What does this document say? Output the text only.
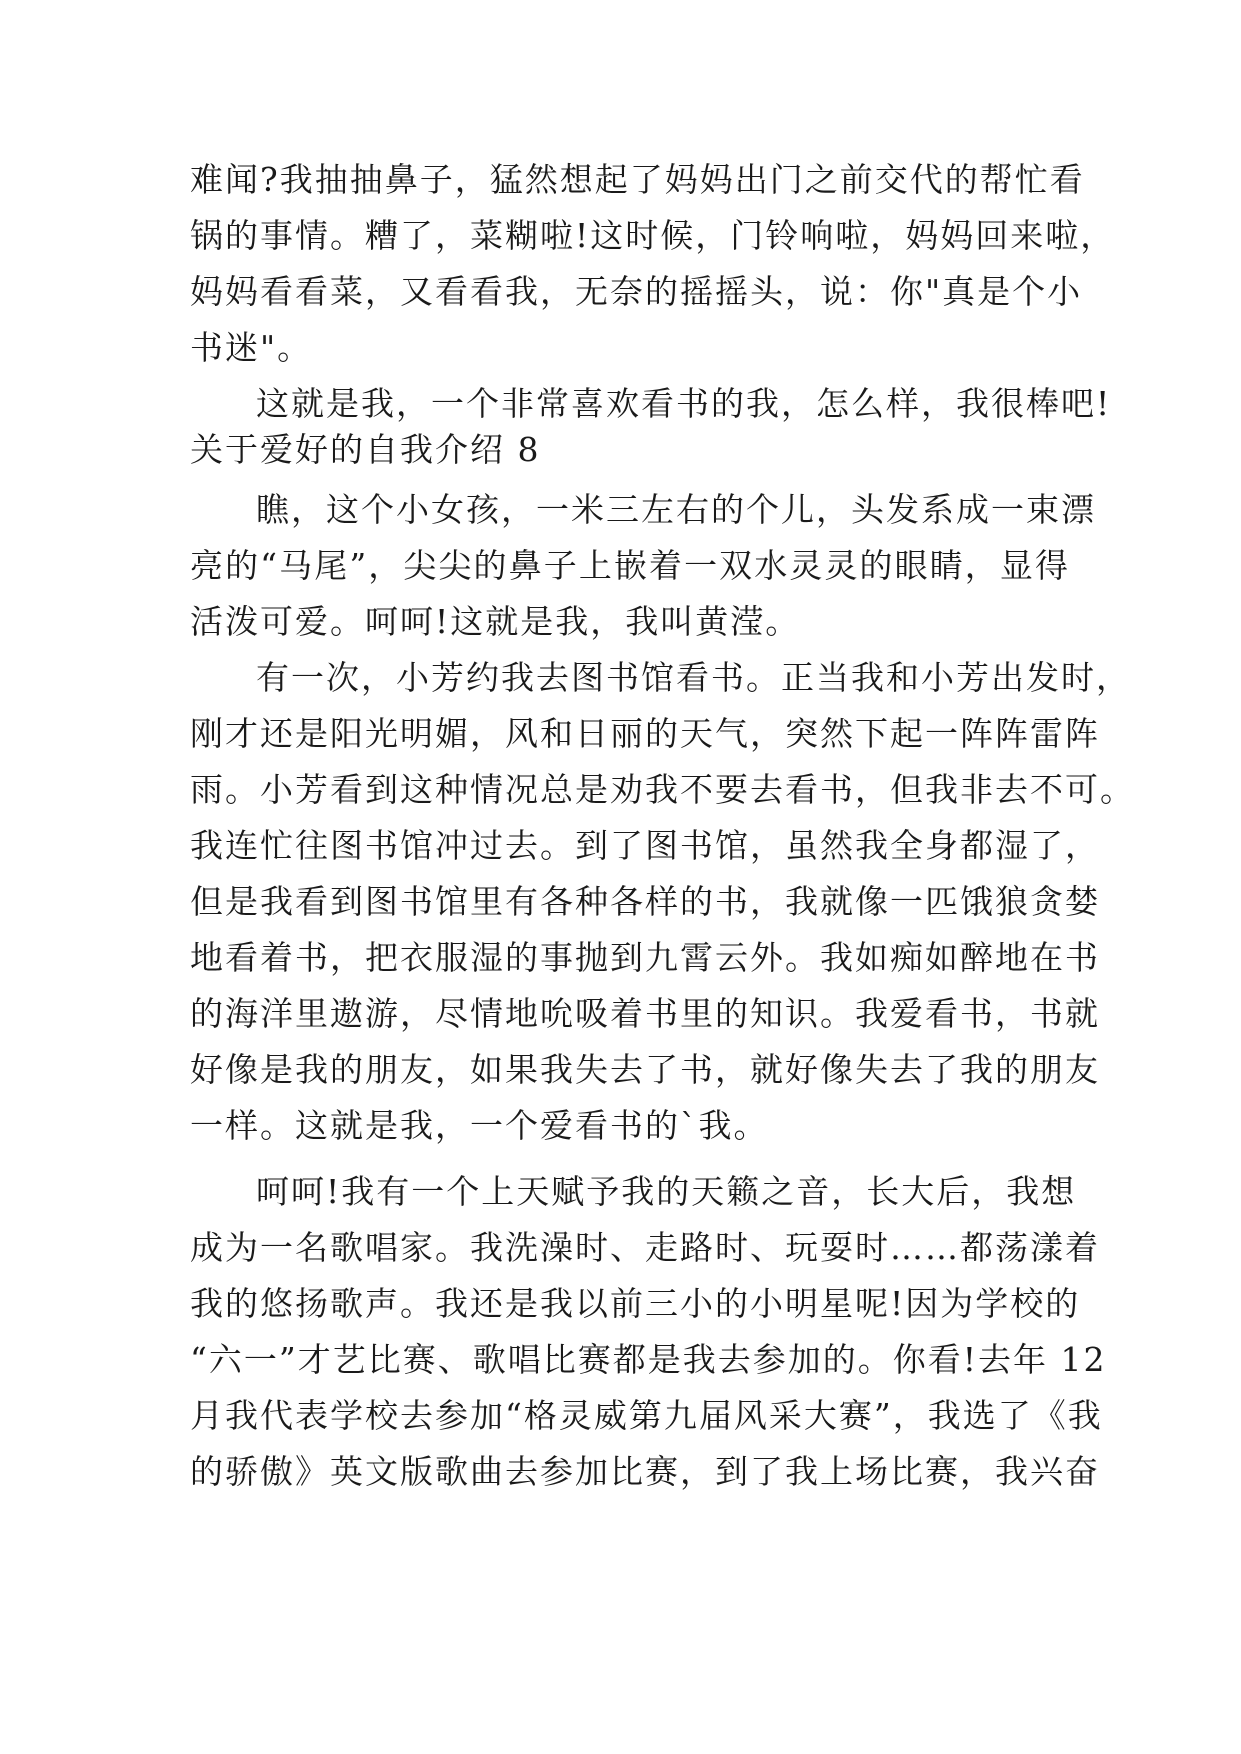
难闻?我抽抽鼻子，猛然想起了妈妈出门之前交代的帮忙看
锅的事情。糟了，菜糊啦!这时候，门铃响啦，妈妈回来啦，
妈妈看看菜，又看看我，无奈的摇摇头，说：你"真是个小
书迷"。
这就是我，一个非常喜欢看书的我，怎么样，我很棒吧!
关于爱好的自我介绍 8
瞧，这个小女孩，一米三左右的个儿，头发系成一束漂
亮的“马尾”，尖尖的鼻子上嵌着一双水灵灵的眼睛，显得
活泼可爱。呵呵!这就是我，我叫黄滢。
有一次，小芳约我去图书馆看书。正当我和小芳出发时，
刚才还是阳光明媚，风和日丽的天气，突然下起一阵阵雷阵
雨。小芳看到这种情况总是劝我不要去看书，但我非去不可。
我连忙往图书馆冲过去。到了图书馆，虽然我全身都湿了，
但是我看到图书馆里有各种各样的书，我就像一匹饿狼贪婪
地看着书，把衣服湿的事抛到九霄云外。我如痴如醉地在书
的海洋里遨游，尽情地吮吸着书里的知识。我爱看书，书就
好像是我的朋友，如果我失去了书，就好像失去了我的朋友
一样。这就是我，一个爱看书的`我。
呵呵!我有一个上天赋予我的天籁之音，长大后，我想
成为一名歌唱家。我洗澡时、走路时、玩耍时……都荡漾着
我的悠扬歌声。我还是我以前三小的小明星呢!因为学校的
“六一”才艺比赛、歌唱比赛都是我去参加的。你看!去年 12
月我代表学校去参加“格灵威第九届风采大赛”，我选了《我
的骄傲》英文版歌曲去参加比赛，到了我上场比赛，我兴奋
